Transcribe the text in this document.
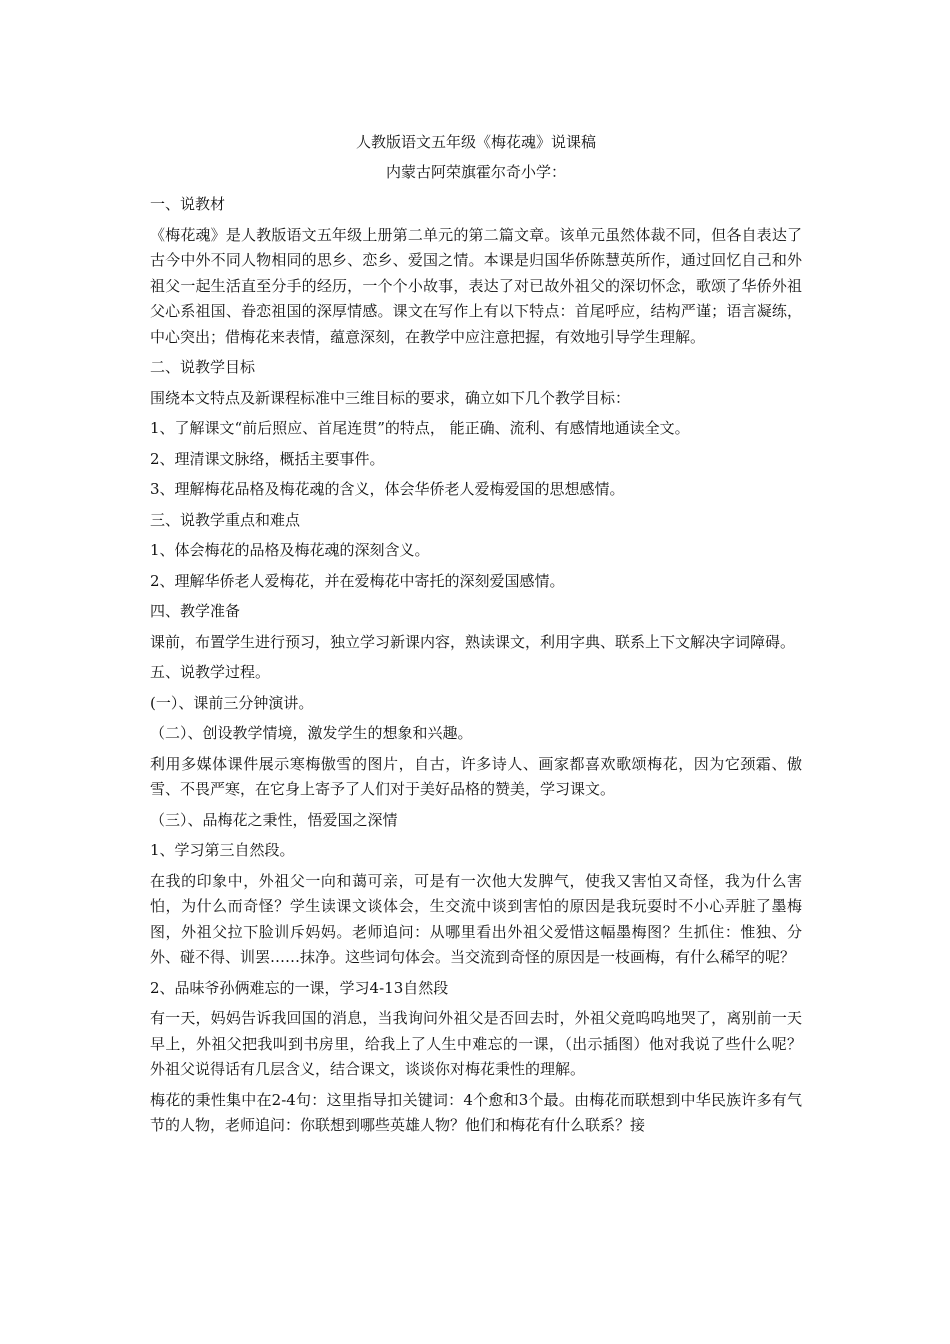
人教版语文五年级《梅花魂》说课稿

内蒙古阿荣旗霍尔奇小学：

一、说教材

《梅花魂》是人教版语文五年级上册第二单元的第二篇文章。该单元虽然体裁不同，但各自表达了古今中外不同人物相同的思乡、恋乡、爱国之情。本课是归国华侨陈慧英所作，通过回忆自己和外祖父一起生活直至分手的经历，一个个小故事，表达了对已故外祖父的深切怀念，歌颂了华侨外祖父心系祖国、眷恋祖国的深厚情感。课文在写作上有以下特点：首尾呼应，结构严谨；语言凝练，中心突出；借梅花来表情，蕴意深刻，在教学中应注意把握，有效地引导学生理解。

二、说教学目标

围绕本文特点及新课程标准中三维目标的要求，确立如下几个教学目标：

1、了解课文“前后照应、首尾连贯”的特点， 能正确、流利、有感情地通读全文。

2、理清课文脉络，概括主要事件。

3、理解梅花品格及梅花魂的含义，体会华侨老人爱梅爱国的思想感情。

三、说教学重点和难点

1、体会梅花的品格及梅花魂的深刻含义。

2、理解华侨老人爱梅花，并在爱梅花中寄托的深刻爱国感情。

四、教学准备

课前，布置学生进行预习，独立学习新课内容，熟读课文，利用字典、联系上下文解决字词障碍。

五、说教学过程。

(一）、课前三分钟演讲。

（二）、创设教学情境，激发学生的想象和兴趣。

利用多媒体课件展示寒梅傲雪的图片，自古，许多诗人、画家都喜欢歌颂梅花，因为它颈霜、傲雪、不畏严寒，在它身上寄予了人们对于美好品格的赞美，学习课文。

（三）、品梅花之秉性，悟爱国之深情

1、学习第三自然段。

在我的印象中，外祖父一向和蔼可亲，可是有一次他大发脾气，使我又害怕又奇怪，我为什么害怕，为什么而奇怪？学生读课文谈体会，生交流中谈到害怕的原因是我玩耍时不小心弄脏了墨梅图，外祖父拉下脸训斥妈妈。老师追问：从哪里看出外祖父爱惜这幅墨梅图？生抓住：惟独、分外、碰不得、训罢……抹净。这些词句体会。当交流到奇怪的原因是一枝画梅，有什么稀罕的呢？

2、品味爷孙俩难忘的一课，学习4-13自然段

有一天，妈妈告诉我回国的消息，当我询问外祖父是否回去时，外祖父竟呜呜地哭了，离别前一天早上，外祖父把我叫到书房里，给我上了人生中难忘的一课，（出示插图）他对我说了些什么呢？外祖父说得话有几层含义，结合课文，谈谈你对梅花秉性的理解。

梅花的秉性集中在2-4句：这里指导扣关键词：4个愈和3个最。由梅花而联想到中华民族许多有气节的人物，老师追问：你联想到哪些英雄人物？他们和梅花有什么联系？接
